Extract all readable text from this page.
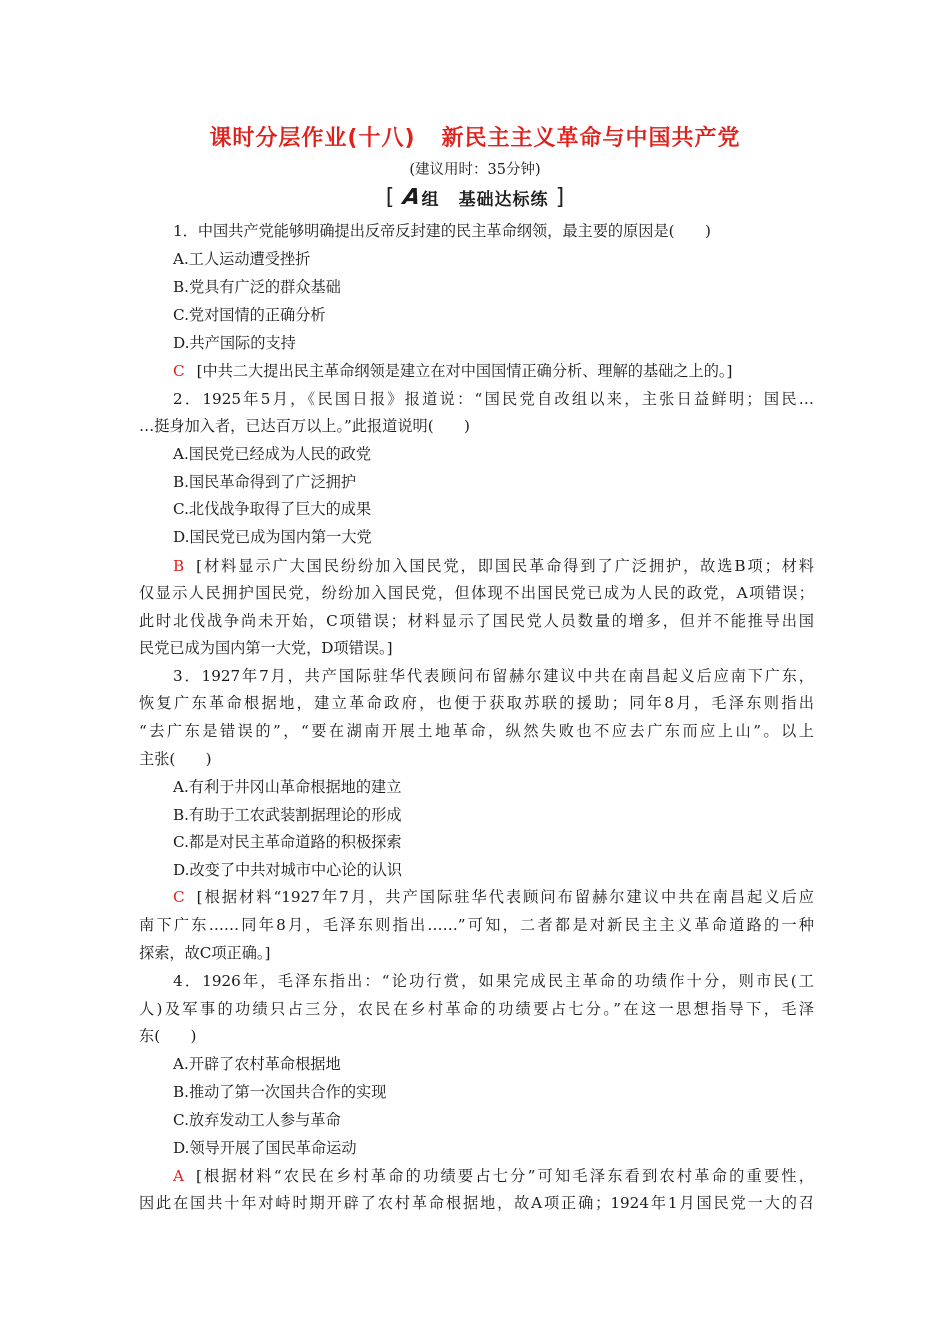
课时分层作业(十八) 新民主主义革命与中国共产党
(建议用时：35分钟)
[ A组 基础达标练 ]
1．中国共产党能够明确提出反帝反封建的民主革命纲领，最主要的原因是(　　)
A.工人运动遭受挫折
B.党具有广泛的群众基础
C.党对国情的正确分析
D.共产国际的支持
C [中共二大提出民主革命纲领是建立在对中国国情正确分析、理解的基础之上的。]
2．1925年5月，《民国日报》报道说：“国民党自改组以来，主张日益鲜明；国民…
…挺身加入者，已达百万以上。”此报道说明(　　)
A.国民党已经成为人民的政党
B.国民革命得到了广泛拥护
C.北伐战争取得了巨大的成果
D.国民党已成为国内第一大党
B [材料显示广大国民纷纷加入国民党，即国民革命得到了广泛拥护，故选B项；材料
仅显示人民拥护国民党，纷纷加入国民党，但体现不出国民党已成为人民的政党，A项错误；
此时北伐战争尚未开始，C项错误；材料显示了国民党人员数量的增多，但并不能推导出国
民党已成为国内第一大党，D项错误。]
3．1927年7月，共产国际驻华代表顾问布留赫尔建议中共在南昌起义后应南下广东，
恢复广东革命根据地，建立革命政府，也便于获取苏联的援助；同年8月，毛泽东则指出
“去广东是错误的”，“要在湖南开展土地革命，纵然失败也不应去广东而应上山”。以上
主张(　　)
A.有利于井冈山革命根据地的建立
B.有助于工农武装割据理论的形成
C.都是对民主革命道路的积极探索
D.改变了中共对城市中心论的认识
C [根据材料“1927年7月，共产国际驻华代表顾问布留赫尔建议中共在南昌起义后应
南下广东……同年8月，毛泽东则指出……”可知，二者都是对新民主主义革命道路的一种
探索，故C项正确。]
4．1926年，毛泽东指出：“论功行赏，如果完成民主革命的功绩作十分，则市民(工
人)及军事的功绩只占三分，农民在乡村革命的功绩要占七分。”在这一思想指导下，毛泽
东(　　)
A.开辟了农村革命根据地
B.推动了第一次国共合作的实现
C.放弃发动工人参与革命
D.领导开展了国民革命运动
A [根据材料“农民在乡村革命的功绩要占七分”可知毛泽东看到农村革命的重要性，
因此在国共十年对峙时期开辟了农村革命根据地，故A项正确；1924年1月国民党一大的召
